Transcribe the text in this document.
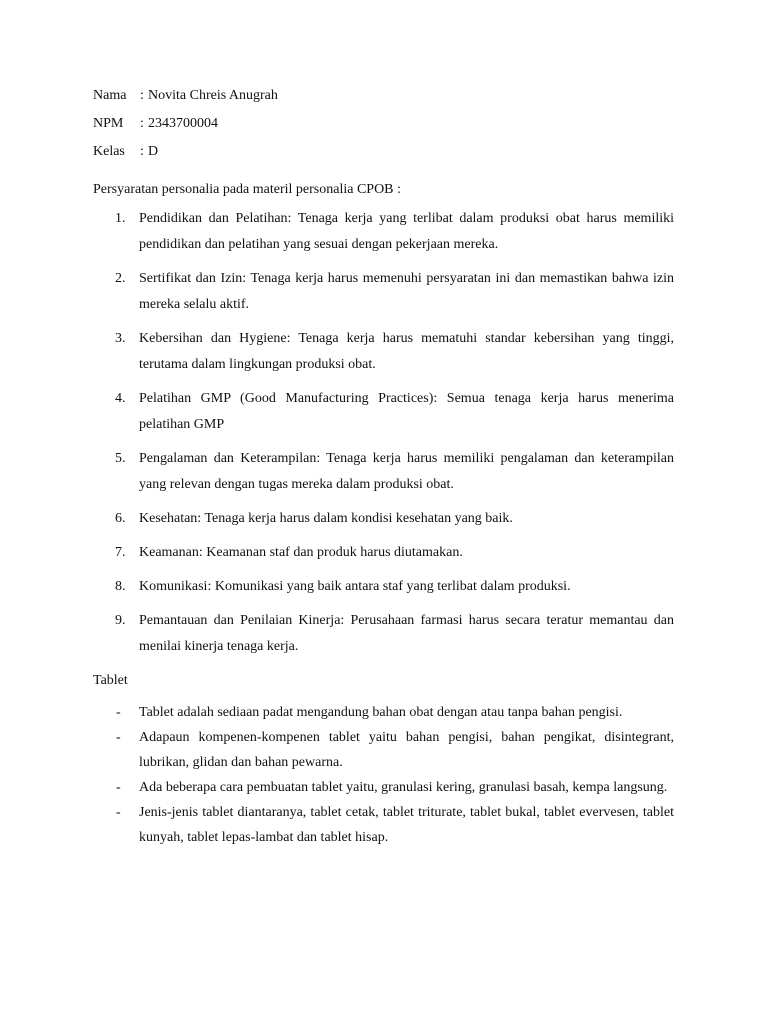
Nama : Novita Chreis Anugrah
NPM	: 2343700004
Kelas	: D
Persyaratan personalia pada materil personalia CPOB :
1. Pendidikan dan Pelatihan: Tenaga kerja yang terlibat dalam produksi obat harus memiliki pendidikan dan pelatihan yang sesuai dengan pekerjaan mereka.
2. Sertifikat dan Izin: Tenaga kerja harus memenuhi persyaratan ini dan memastikan bahwa izin mereka selalu aktif.
3. Kebersihan dan Hygiene: Tenaga kerja harus mematuhi standar kebersihan yang tinggi, terutama dalam lingkungan produksi obat.
4. Pelatihan GMP (Good Manufacturing Practices): Semua tenaga kerja harus menerima pelatihan GMP
5. Pengalaman dan Keterampilan: Tenaga kerja harus memiliki pengalaman dan keterampilan yang relevan dengan tugas mereka dalam produksi obat.
6. Kesehatan: Tenaga kerja harus dalam kondisi kesehatan yang baik.
7. Keamanan: Keamanan staf dan produk harus diutamakan.
8. Komunikasi: Komunikasi yang baik antara staf yang terlibat dalam produksi.
9. Pemantauan dan Penilaian Kinerja: Perusahaan farmasi harus secara teratur memantau dan menilai kinerja tenaga kerja.
Tablet
-	Tablet adalah sediaan padat mengandung bahan obat dengan atau tanpa bahan pengisi.
-	Adapaun kompenen-kompenen tablet yaitu bahan pengisi, bahan pengikat, disintegrant, lubrikan, glidan dan bahan pewarna.
-	Ada beberapa cara pembuatan tablet yaitu, granulasi kering, granulasi basah, kempa langsung.
-	Jenis-jenis tablet diantaranya, tablet cetak, tablet triturate, tablet bukal, tablet evervesen, tablet kunyah, tablet lepas-lambat dan tablet hisap.
